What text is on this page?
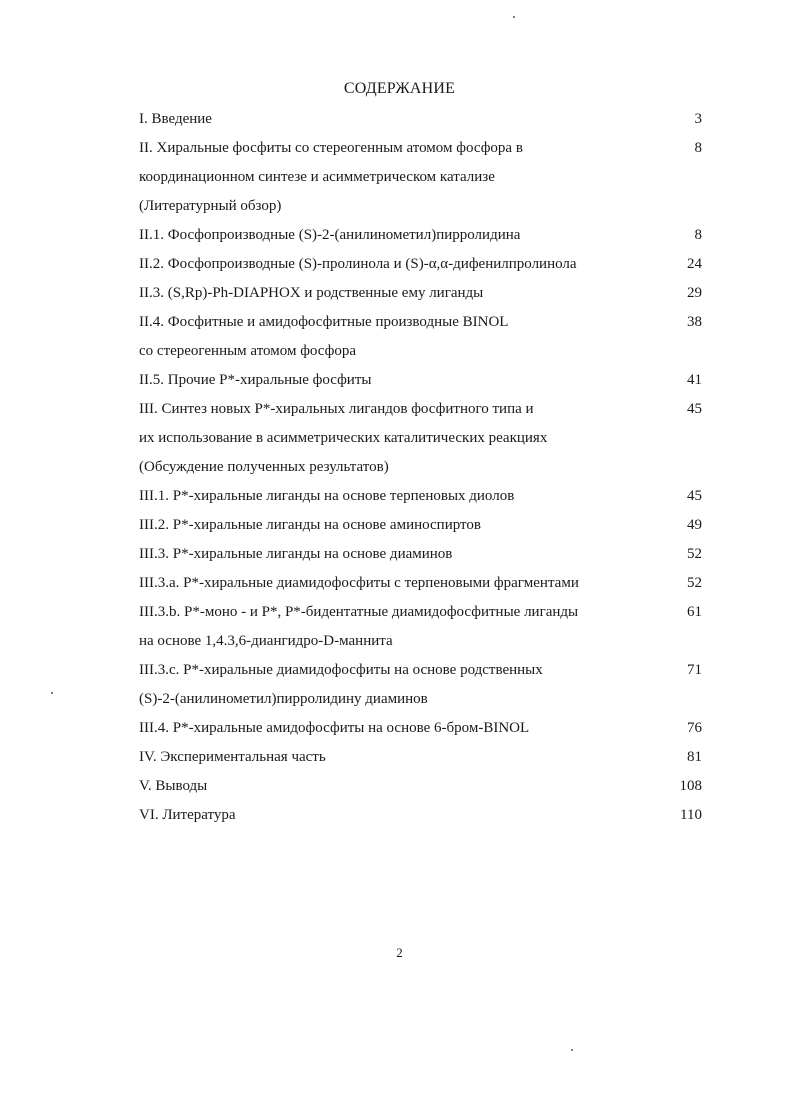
СОДЕРЖАНИЕ
I. Введение	3
II. Хиральные фосфиты со стереогенным атомом фосфора в	8
координационном синтезе и асимметрическом катализе
(Литературный обзор)
II.1. Фосфопроизводные (S)-2-(анилинометил)пирролидина	8
II.2. Фосфопроизводные (S)-пролинола и (S)-α,α-дифенилпролинола	24
II.3. (S,Rp)-Ph-DIAPHOX и родственные ему лиганды	29
II.4. Фосфитные и амидофосфитные производные BINOL	38
со стереогенным атомом фосфора
II.5. Прочие P*-хиральные фосфиты	41
III. Синтез новых P*-хиральных лигандов фосфитного типа и	45
их использование в асимметрических каталитических реакциях
(Обсуждение полученных результатов)
III.1. P*-хиральные лиганды на основе терпеновых диолов	45
III.2. P*-хиральные лиганды на основе аминоспиртов	49
III.3. P*-хиральные лиганды на основе диаминов	52
III.3.a. P*-хиральные диамидофосфиты с терпеновыми фрагментами	52
III.3.b. P*-моно - и P*, P*-бидентатные диамидофосфитные лиганды	61
на основе 1,4.3,6-диангидро-D-маннита
III.3.c. P*-хиральные диамидофосфиты на основе родственных	71
(S)-2-(анилинометил)пирролидину диаминов
III.4. P*-хиральные амидофосфиты на основе 6-бром-BINOL	76
IV. Экспериментальная часть	81
V. Выводы	108
VI. Литература	110
2
